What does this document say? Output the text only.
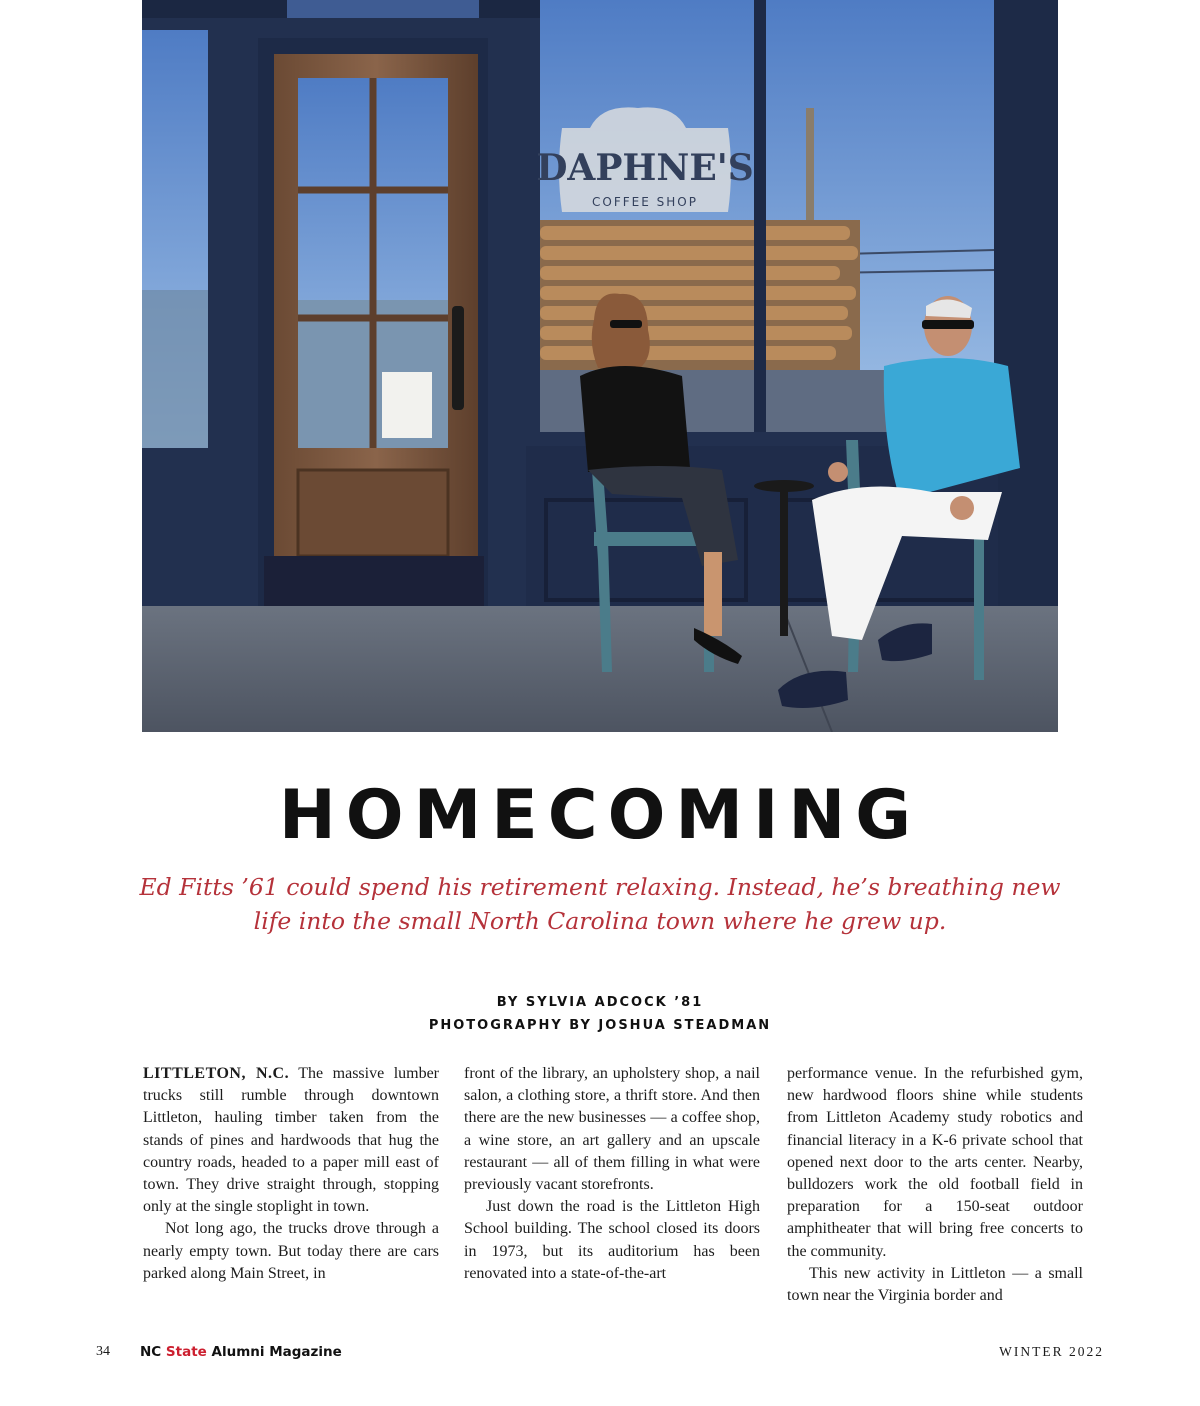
DAPHNE'S
COFFEE SHOP
HOMECOMING
Ed Fitts ’61 could spend his retirement relaxing. Instead, he’s breathing new life into the small North Carolina town where he grew up.
BY SYLVIA ADCOCK ’81
PHOTOGRAPHY BY JOSHUA STEADMAN

LITTLETON, N.C. The massive lumber trucks still rumble through downtown Littleton, hauling timber taken from the stands of pines and hardwoods that hug the country roads, headed to a paper mill east of town. They drive straight through, stopping only at the single stoplight in town.

Not long ago, the trucks drove through a nearly empty town. But today there are cars parked along Main Street, in

front of the library, an upholstery shop, a nail salon, a clothing store, a thrift store. And then there are the new businesses — a coffee shop, a wine store, an art gallery and an upscale restaurant — all of them filling in what were previously vacant storefronts.

Just down the road is the Littleton High School building. The school closed its doors in 1973, but its auditorium has been renovated into a state-of-the-art

performance venue. In the refurbished gym, new hardwood floors shine while students from Littleton Academy study robotics and financial literacy in a K-6 private school that opened next door to the arts center. Nearby, bulldozers work the old football field in preparation for a 150-seat outdoor amphitheater that will bring free concerts to the community.

This new activity in Littleton — a small town near the Virginia border and

34 NC State Alumni Magazine	WINTER 2022
